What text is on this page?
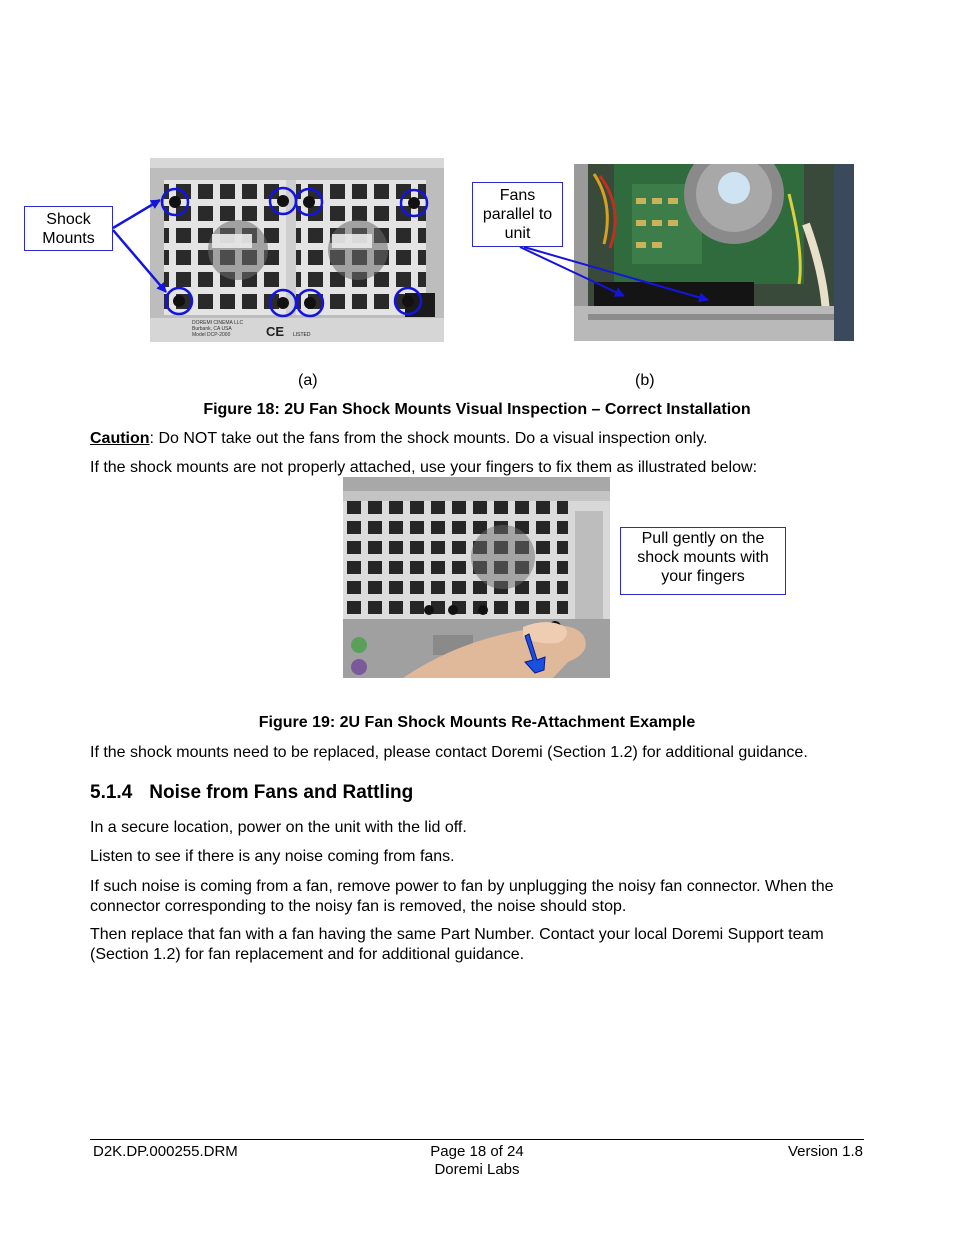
DOREMI CINEMA LLC
Burbank, CA USA
Model DCP-2000	CE LISTED
Shock
Mounts
Fans
parallel to
unit
(a)	(b)
Figure 18: 2U Fan Shock Mounts Visual Inspection – Correct Installation
Caution: Do NOT take out the fans from the shock mounts. Do a visual inspection only.
If the shock mounts are not properly attached, use your fingers to fix them as illustrated below:
Pull gently on the
shock mounts with
your fingers
Figure 19: 2U Fan Shock Mounts Re-Attachment Example
If the shock mounts need to be replaced, please contact Doremi (Section 1.2) for additional guidance.
5.1.4 Noise from Fans and Rattling
In a secure location, power on the unit with the lid off.
Listen to see if there is any noise coming from fans.
If such noise is coming from a fan, remove power to fan by unplugging the noisy fan connector. When the connector corresponding to the noisy fan is removed, the noise should stop.
Then replace that fan with a fan having the same Part Number. Contact your local Doremi Support team (Section 1.2) for fan replacement and for additional guidance.
D2K.DP.000255.DRM	Page 18 of 24
Doremi Labs
Version 1.8
